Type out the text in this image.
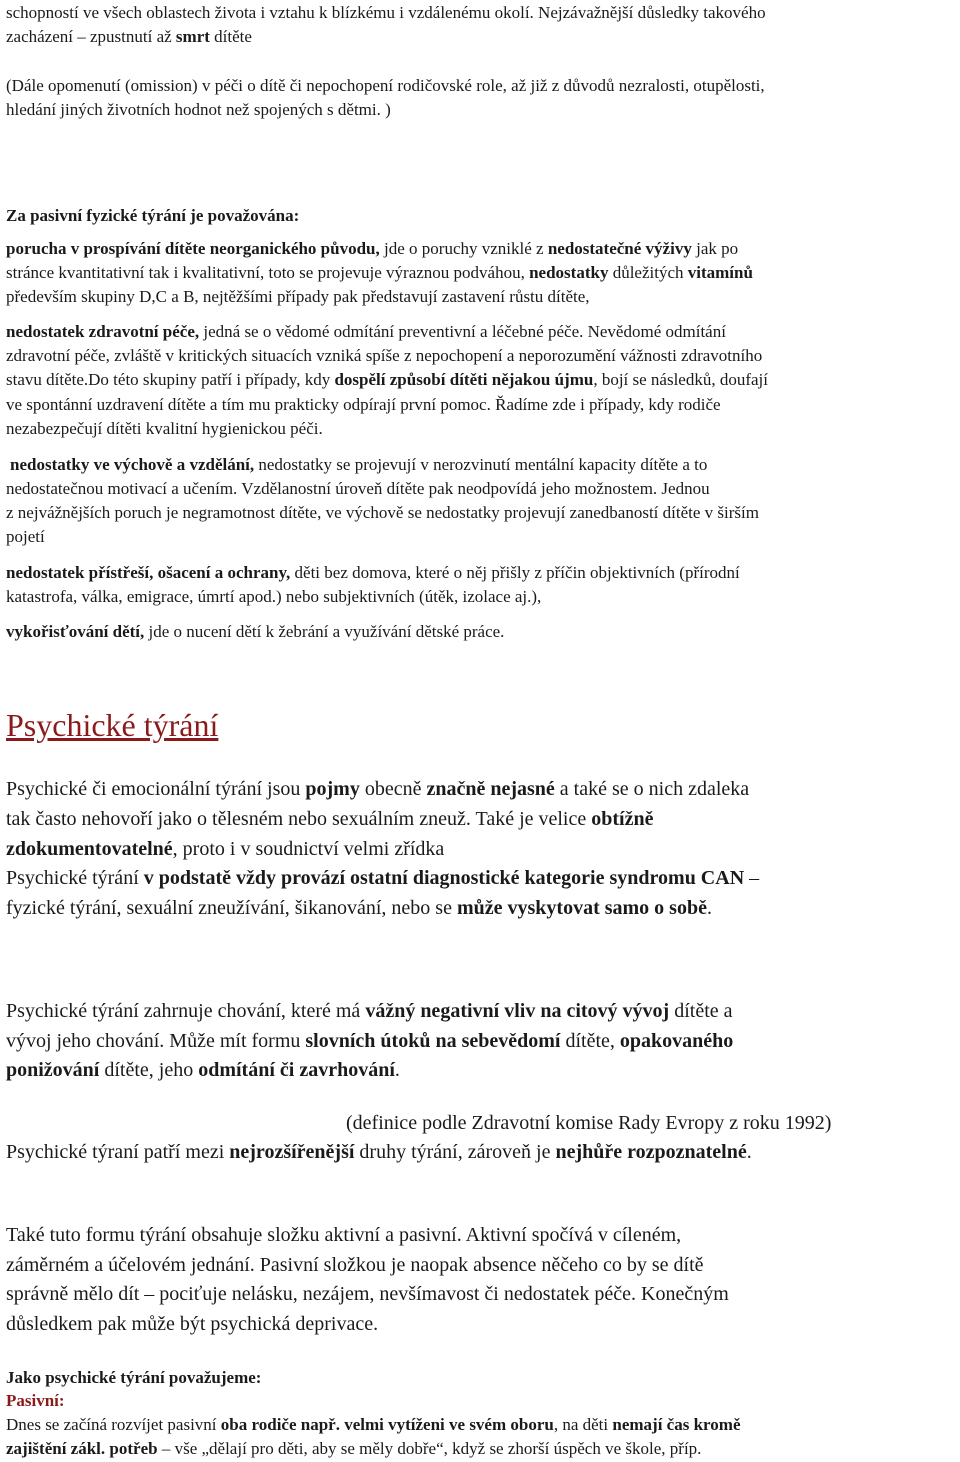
schopností ve všech oblastech života i vztahu k blízkému i vzdálenému okolí. Nejzávažnější důsledky takového

zacházení – zpustnutí až smrt dítěte

(Dále opomenutí (omission) v péči o dítě či nepochopení rodičovské role, až již z důvodů nezralosti, otupělosti,

hledání jiných životních hodnot než spojených s dětmi. )

Za pasivní fyzické týrání je považována:

porucha v prospívání dítěte neorganického původu, jde o poruchy vzniklé z nedostatečné výživy jak po

stránce kvantitativní tak i kvalitativní, toto se projevuje výraznou podváhou, nedostatky důležitých vitamínů

především skupiny D,C a B, nejtěžšími případy pak představují zastavení růstu dítěte,

nedostatek zdravotní péče, jedná se o vědomé odmítání preventivní a léčebné péče. Nevědomé odmítání

zdravotní péče, zvláště v kritických situacích vzniká spíše z nepochopení a neporozumění vážnosti zdravotního

stavu dítěte.Do této skupiny patří i případy, kdy dospělí způsobí dítěti nějakou újmu, bojí se následků, doufají

ve spontánní uzdravení dítěte a tím mu prakticky odpírají první pomoc. Řadíme zde i případy, kdy rodiče

nezabezpečují dítěti kvalitní hygienickou péči.

nedostatky ve výchově a vzdělání, nedostatky se projevují v nerozvinutí mentální kapacity dítěte a to

nedostatečnou motivací a učením. Vzdělanostní úroveň dítěte pak neodpovídá jeho možnostem. Jednou

z nejvážnějších poruch je negramotnost dítěte, ve výchově se nedostatky projevují zanedbaností dítěte v širším

pojetí

nedostatek přístřeší, ošacení a ochrany, děti bez domova, které o něj přišly z příčin objektivních (přírodní

katastrofa, válka, emigrace, úmrtí apod.) nebo subjektivních (útěk, izolace aj.),

vykořisťování dětí, jde o nucení dětí k žebrání a využívání dětské práce.

Psychické týrání

Psychické či emocionální týrání jsou pojmy obecně značně nejasné a také se o nich zdaleka

tak často nehovoří jako o tělesném nebo sexuálním zneuž. Také je velice obtížně

zdokumentovatelné, proto i v soudnictví velmi zřídka

Psychické týrání v podstatě vždy provází ostatní diagnostické kategorie syndromu CAN –

fyzické týrání, sexuální zneužívání, šikanování, nebo se může vyskytovat samo o sobě.

Psychické týrání zahrnuje chování, které má vážný negativní vliv na citový vývoj dítěte a

vývoj jeho chování. Může mít formu slovních útoků na sebevědomí dítěte, opakovaného

ponižování dítěte, jeho odmítání či zavrhování.

(definice podle Zdravotní komise Rady Evropy z roku 1992)

Psychické týraní patří mezi nejrozšířenější druhy týrání, zároveň je nejhůře rozpoznatelné.

Také tuto formu týrání obsahuje složku aktivní a pasivní. Aktivní spočívá v cíleném,

záměrném a účelovém jednání. Pasivní složkou je naopak absence něčeho co by se dítě

správně mělo dít – pociťuje nelásku, nezájem, nevšímavost či nedostatek péče. Konečným

důsledkem pak může být psychická deprivace.

Jako psychické týrání považujeme:

Pasivní:

Dnes se začíná rozvíjet pasivní oba rodiče např. velmi vytíženi ve svém oboru, na děti nemají čas kromě

zajištění zákl. potřeb – vše „dělají pro děti, aby se měly dobře“, když se zhorší úspěch ve škole, příp.
